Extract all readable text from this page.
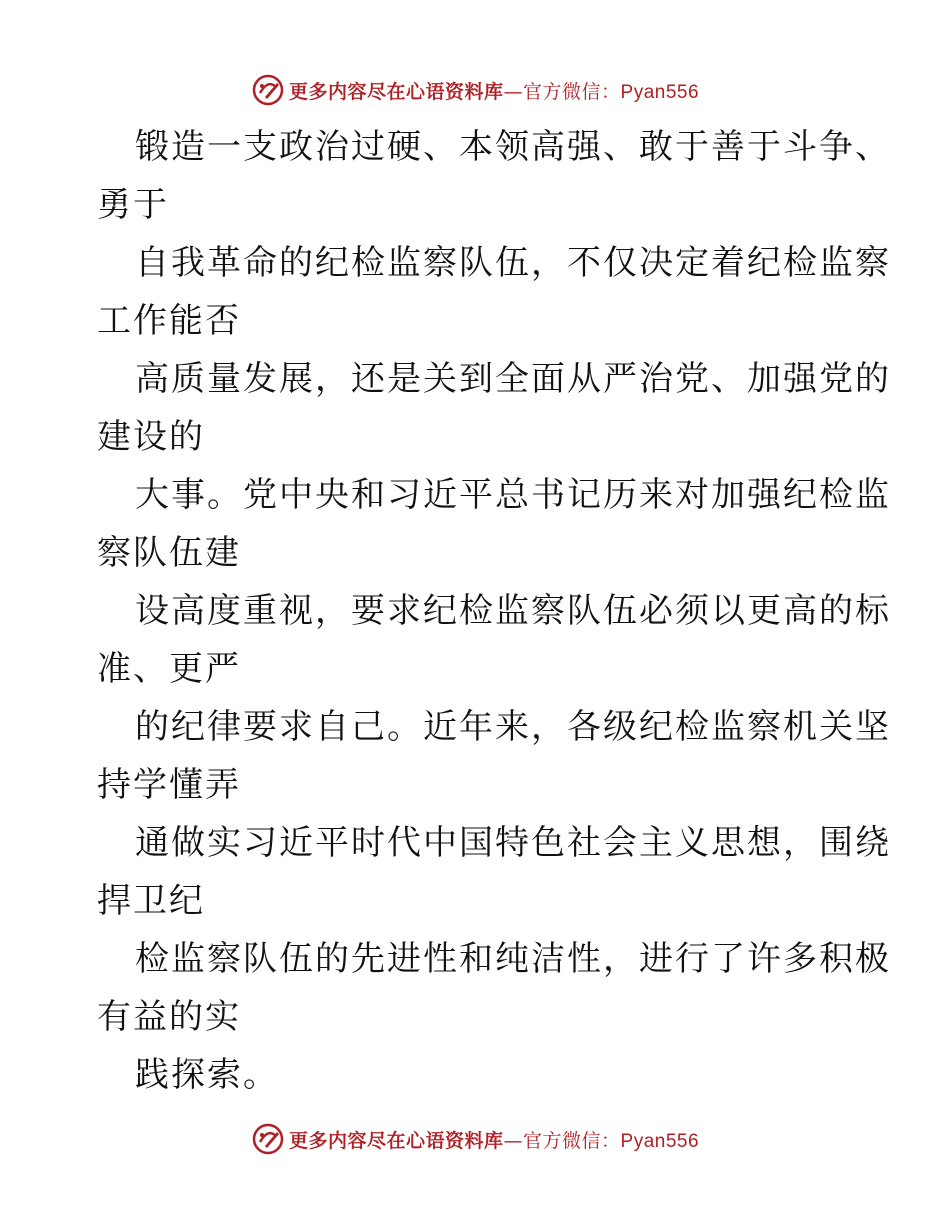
更多内容尽在心语资料库—官方微信：Pyan556
锻造一支政治过硬、本领高强、敢于善于斗争、
勇于
自我革命的纪检监察队伍，不仅决定着纪检监察
工作能否
高质量发展，还是关到全面从严治党、加强党的
建设的
大事。党中央和习近平总书记历来对加强纪检监
察队伍建
设高度重视，要求纪检监察队伍必须以更高的标
准、更严
的纪律要求自己。近年来，各级纪检监察机关坚
持学懂弄
通做实习近平时代中国特色社会主义思想，围绕
捍卫纪
检监察队伍的先进性和纯洁性，进行了许多积极
有益的实
践探索。
更多内容尽在心语资料库—官方微信：Pyan556
